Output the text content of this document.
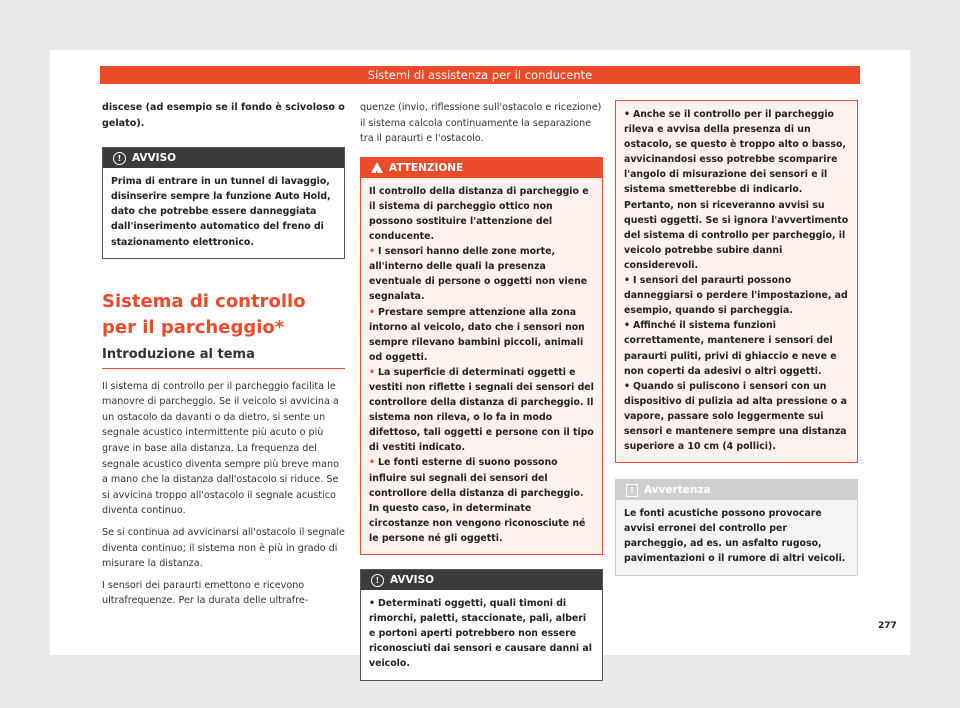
Sistemi di assistenza per il conducente

discese (ad esempio se il fondo è scivoloso o gelato).

!	AVVISO

Prima di entrare in un tunnel di lavaggio, disinserire sempre la funzione Auto Hold, dato che potrebbe essere danneggiata dall'inserimento automatico del freno di stazionamento elettronico.

Sistema di controllo per il parcheggio*

Introduzione al tema

Il sistema di controllo per il parcheggio facilita le manovre di parcheggio. Se il veicolo si avvicina a un ostacolo da davanti o da dietro, si sente un segnale acustico intermittente più acuto o più grave in base alla distanza. La frequenza del segnale acustico diventa sempre più breve mano a mano che la distanza dall'ostacolo si riduce. Se si avvicina troppo all'ostacolo il segnale acustico diventa continuo.

Se si continua ad avvicinarsi all'ostacolo il segnale diventa continuo; il sistema non è più in grado di misurare la distanza.

I sensori dei paraurti emettono e ricevono ultrafrequenze. Per la durata delle ultrafre-

quenze (invio, riflessione sull'ostacolo e ricezione) il sistema calcola continuamente la separazione tra il paraurti e l'ostacolo.

!
ATTENZIONE

Il controllo della distanza di parcheggio e il sistema di parcheggio ottico non possono sostituire l'attenzione del conducente.

• I sensori hanno delle zone morte, all'interno delle quali la presenza eventuale di persone o oggetti non viene segnalata.
• Prestare sempre attenzione alla zona intorno al veicolo, dato che i sensori non sempre rilevano bambini piccoli, animali od oggetti.
• La superficie di determinati oggetti e vestiti non riflette i segnali dei sensori del controllore della distanza di parcheggio. Il sistema non rileva, o lo fa in modo difettoso, tali oggetti e persone con il tipo di vestiti indicato.
• Le fonti esterne di suono possono influire sui segnali dei sensori del controllore della distanza di parcheggio. In questo caso, in determinate circostanze non vengono riconosciute né le persone né gli oggetti.
!	AVVISO
• Determinati oggetti, quali timoni di rimorchi, paletti, staccionate, pali, alberi e portoni aperti potrebbero non essere riconosciuti dai sensori e causare danni al veicolo.
• Anche se il controllo per il parcheggio rileva e avvisa della presenza di un ostacolo, se questo è troppo alto o basso, avvicinandosi esso potrebbe scomparire l'angolo di misurazione dei sensori e il sistema smetterebbe di indicarlo. Pertanto, non si riceveranno avvisi su questi oggetti. Se si ignora l'avvertimento del sistema di controllo per parcheggio, il veicolo potrebbe subire danni considerevoli.
• I sensori del paraurti possono danneggiarsi o perdere l'impostazione, ad esempio, quando si parcheggia.
• Affinché il sistema funzioni correttamente, mantenere i sensori del paraurti puliti, privi di ghiaccio e neve e non coperti da adesivi o altri oggetti.
• Quando si puliscono i sensori con un dispositivo di pulizia ad alta pressione o a vapore, passare solo leggermente sui sensori e mantenere sempre una distanza superiore a 10 cm (4 pollici).
i	Avvertenza

Le fonti acustiche possono provocare avvisi erronei del controllo per parcheggio, ad es. un asfalto rugoso, pavimentazioni o il rumore di altri veicoli.

277
